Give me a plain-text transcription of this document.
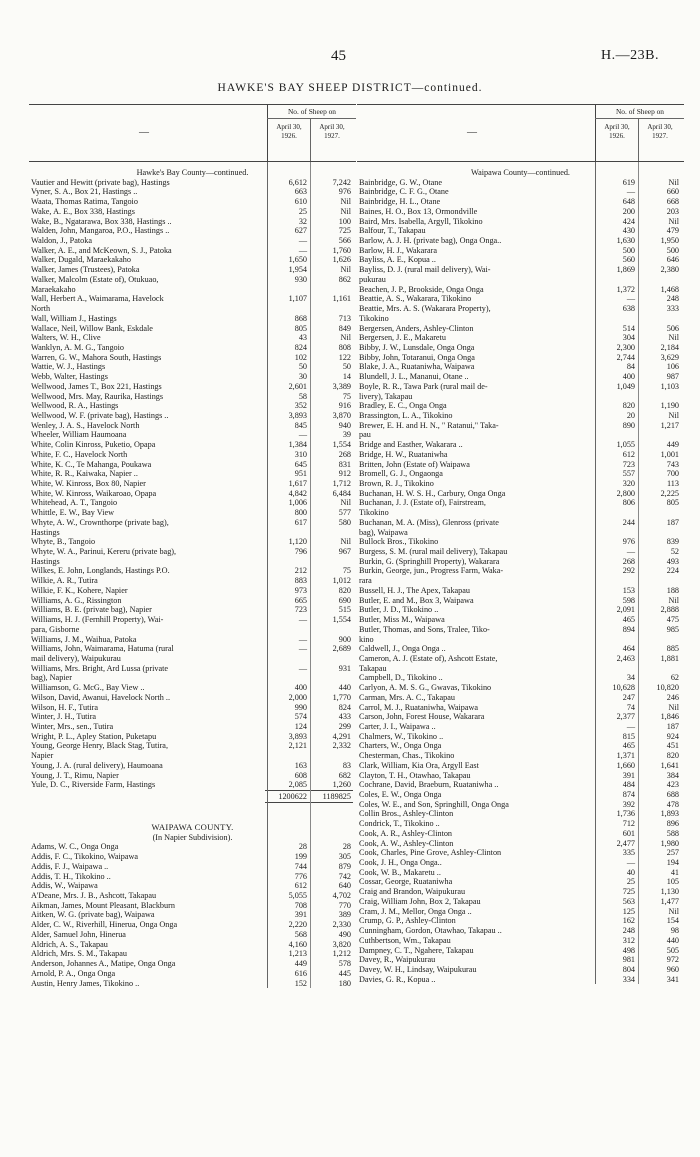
45	H.—23B.
HAWKE'S BAY SHEEP DISTRICT—continued.
—
No. of Sheep on
April 30,
1926.
April 30,
1927.
Hawke's Bay County—continued.
Vautier and Hewitt (private bag), Hastings	6,612	7,242
Vyner, S. A., Box 21, Hastings ..	663	976
Waata, Thomas Ratima, Tangoio	610	Nil
Wake, A. E., Box 338, Hastings	25	Nil
Wake, B., Ngatarawa, Box 338, Hastings ..	32	100
Walden, John, Mangaroa, P.O., Hastings ..	627	725
Waldon, J., Patoka	—	566
Walker, A. E., and McKeown, S. J., Patoka	—	1,760
Walker, Dugald, Maraekakaho	1,650	1,626
Walker, James (Trustees), Patoka	1,954	Nil
Walker, Malcolm (Estate of), Otukuao,	930	862
Maraekakaho
Wall, Herbert A., Waimarama, Havelock	1,107	1,161
North
Wall, William J., Hastings	868	713
Wallace, Neil, Willow Bank, Eskdale	805	849
Walters, W. H., Clive	43	Nil
Wanklyn, A. M. G., Tangoio	824	808
Warren, G. W., Mahora South, Hastings	102	122
Wattie, W. J., Hastings	50	50
Webb, Walter, Hastings	30	14
Wellwood, James T., Box 221, Hastings	2,601	3,389
Wellwood, Mrs. May, Raurika, Hastings	58	75
Wellwood, R. A., Hastings	352	916
Wellwood, W. F. (private bag), Hastings ..	3,893	3,870
Wenley, J. A. S., Havelock North	845	940
Wheeler, William Haumoana	—	39
White, Colin Kinross, Puketio, Opapa	1,384	1,554
White, F. C., Havelock North	310	268
White, K. C., Te Mahanga, Poukawa	645	831
White, R. R., Kaiwaka, Napier ..	951	912
White, W. Kinross, Box 80, Napier	1,617	1,712
White, W. Kinross, Waikaroao, Opapa	4,842	6,484
Whitehead, A. T., Tangoio	1,006	Nil
Whittle, E. W., Bay View	800	577
Whyte, A. W., Crownthorpe (private bag),	617	580
Hastings
Whyte, B., Tangoio	1,120	Nil
Whyte, W. A., Parinui, Kereru (private bag),	796	967
Hastings
Wilkes, E. John, Longlands, Hastings P.O.	212	75
Wilkie, A. R., Tutira	883	1,012
Wilkie, F. K., Kohere, Napier	973	820
Williams, A. G., Rissington	665	690
Williams, B. E. (private bag), Napier	723	515
Williams, H. J. (Fernhill Property), Wai-	—	1,554
para, Gisborne
Williams, J. M., Waihua, Patoka	—	900
Williams, John, Waimarama, Hatuma (rural	—	2,689
mail delivery), Waipukurau
Williams, Mrs. Bright, Ard Lussa (private	—	931
bag), Napier
Williamson, G. McG., Bay View ..	400	440
Wilson, David, Awanui, Havelock North ..	2,000	1,770
Wilson, H. F., Tutira	990	824
Winter, J. H., Tutira	574	433
Winter, Mrs., sen., Tutira	124	299
Wright, P. L., Apley Station, Puketapu	3,893	4,291
Young, George Henry, Black Stag, Tutira,	2,121	2,332
Napier
Young, J. A. (rural delivery), Haumoana	163	83
Young, J. T., Rimu, Napier	608	682
Yule, D. C., Riverside Farm, Hastings	2,085	1,260
1200622	1189825
WAIPAWA COUNTY.
(In Napier Subdivision).
Adams, W. C., Onga Onga	28	28
Addis, F. C., Tikokino, Waipawa	199	305
Addis, F. J., Waipawa ..	744	879
Addis, T. H., Tikokino ..	776	742
Addis, W., Waipawa	612	640
A'Deane, Mrs. J. B., Ashcott, Takapau	5,055	4,702
Aikman, James, Mount Pleasant, Blackburn	708	770
Aitken, W. G. (private bag), Waipawa	391	389
Alder, C. W., Riverhill, Hinerua, Onga Onga	2,220	2,330
Alder, Samuel John, Hinerua	568	490
Aldrich, A. S., Takapau	4,160	3,820
Aldrich, Mrs. S. M., Takapau	1,213	1,212
Anderson, Johannes A., Matipe, Onga Onga	449	578
Arnold, P. A., Onga Onga	616	445
Austin, Henry James, Tikokino ..	152	180
—
No. of Sheep on
April 30,
1926.
April 30,
1927.
Waipawa County—continued.
Bainbridge, G. W., Otane	619	Nil
Bainbridge, C. F. G., Otane	—	660
Bainbridge, H. L., Otane	648	668
Baines, H. O., Box 13, Ormondville	200	203
Baird, Mrs. Isabella, Argyll, Tikokino	424	Nil
Balfour, T., Takapau	430	479
Barlow, A. J. H. (private bag), Onga Onga..	1,630	1,950
Barlow, H. J., Wakarara	500	500
Bayliss, A. E., Kopua ..	560	646
Bayliss, D. J. (rural mail delivery), Wai-	1,869	2,380
pukurau
Beachen, J. P., Brookside, Onga Onga	1,372	1,468
Beattie, A. S., Wakarara, Tikokino	—	248
Beattie, Mrs. A. S. (Wakarara Property),	638	333
Tikokino
Bergersen, Anders, Ashley-Clinton	514	506
Bergersen, J. E., Makaretu	304	Nil
Bibby, J. W., Lunsdale, Onga Onga	2,300	2,184
Bibby, John, Totaranui, Onga Onga	2,744	3,629
Blake, J. A., Ruataniwha, Waipawa	84	106
Blundell, J. L., Mananui, Otane ..	400	987
Boyle, R. R., Tawa Park (rural mail de-	1,049	1,103
livery), Takapau
Bradley, E. C., Onga Onga	820	1,190
Brassington, L. A., Tikokino	20	Nil
Brewer, E. H. and H. N., " Ratanui," Taka-	890	1,217
pau
Bridge and Easther, Wakarara ..	1,055	449
Bridge, H. W., Ruataniwha	612	1,001
Britten, John (Estate of) Waipawa	723	743
Bromell, G. J., Ongaonga	557	700
Brown, R. J., Tikokino	320	113
Buchanan, H. W. S. H., Carbury, Onga Onga	2,800	2,225
Buchanan, J. J. (Estate of), Fairstream,	806	805
Tikokino
Buchanan, M. A. (Miss), Glenross (private	244	187
bag), Waipawa
Bullock Bros., Tikokino	976	839
Burgess, S. M. (rural mail delivery), Takapau	—	52
Burkin, G. (Springhill Property), Wakarara	268	493
Burkin, George, jun., Progress Farm, Waka-	292	224
rara
Bussell, H. J., The Apex, Takapau	153	188
Butler, E. and M., Box 3, Waipawa	598	Nil
Butler, J. D., Tikokino ..	2,091	2,888
Butler, Miss M., Waipawa	465	475
Butler, Thomas, and Sons, Tralee, Tiko-	894	985
kino
Caldwell, J., Onga Onga ..	464	885
Cameron, A. J. (Estate of), Ashcott Estate,	2,463	1,881
Takapau
Campbell, D., Tikokino ..	34	62
Carlyon, A. M. S. G., Gwavas, Tikokino	10,628	10,820
Carman, Mrs. A. C., Takapau	247	246
Carrol, M. J., Ruataniwha, Waipawa	74	Nil
Carson, John, Forest House, Wakarara	2,377	1,846
Carter, J. I., Waipawa ..	—	187
Chalmers, W., Tikokino ..	815	924
Charters, W., Onga Onga	465	451
Chesterman, Chas., Tikokino	1,371	820
Clark, William, Kia Ora, Argyll East	1,660	1,641
Clayton, T. H., Otawhao, Takapau	391	384
Cochrane, David, Braeburn, Ruataniwha ..	484	423
Coles, E. W., Onga Onga	874	688
Coles, W. E., and Son, Springhill, Onga Onga	392	478
Collin Bros., Ashley-Clinton	1,736	1,893
Condrick, T., Tikokino ..	712	896
Cook, A. R., Ashley-Clinton	601	588
Cook, A. W., Ashley-Clinton	2,477	1,980
Cook, Charles, Pine Grove, Ashley-Clinton	335	257
Cook, J. H., Onga Onga..	—	194
Cook, W. B., Makaretu ..	40	41
Cossar, George, Ruataniwha	25	105
Craig and Brandon, Waipukurau	725	1,130
Craig, William John, Box 2, Takapau	563	1,477
Cram, J. M., Mellor, Onga Onga ..	125	Nil
Crump, G. P., Ashley-Clinton	162	154
Cunningham, Gordon, Otawhao, Takapau ..	248	98
Cuthbertson, Wm., Takapau	312	440
Dampney, C. T., Ngahere, Takapau	498	505
Davey, R., Waipukurau	981	972
Davey, W. H., Lindsay, Waipukurau	804	960
Davies, G. R., Kopua ..	334	341
